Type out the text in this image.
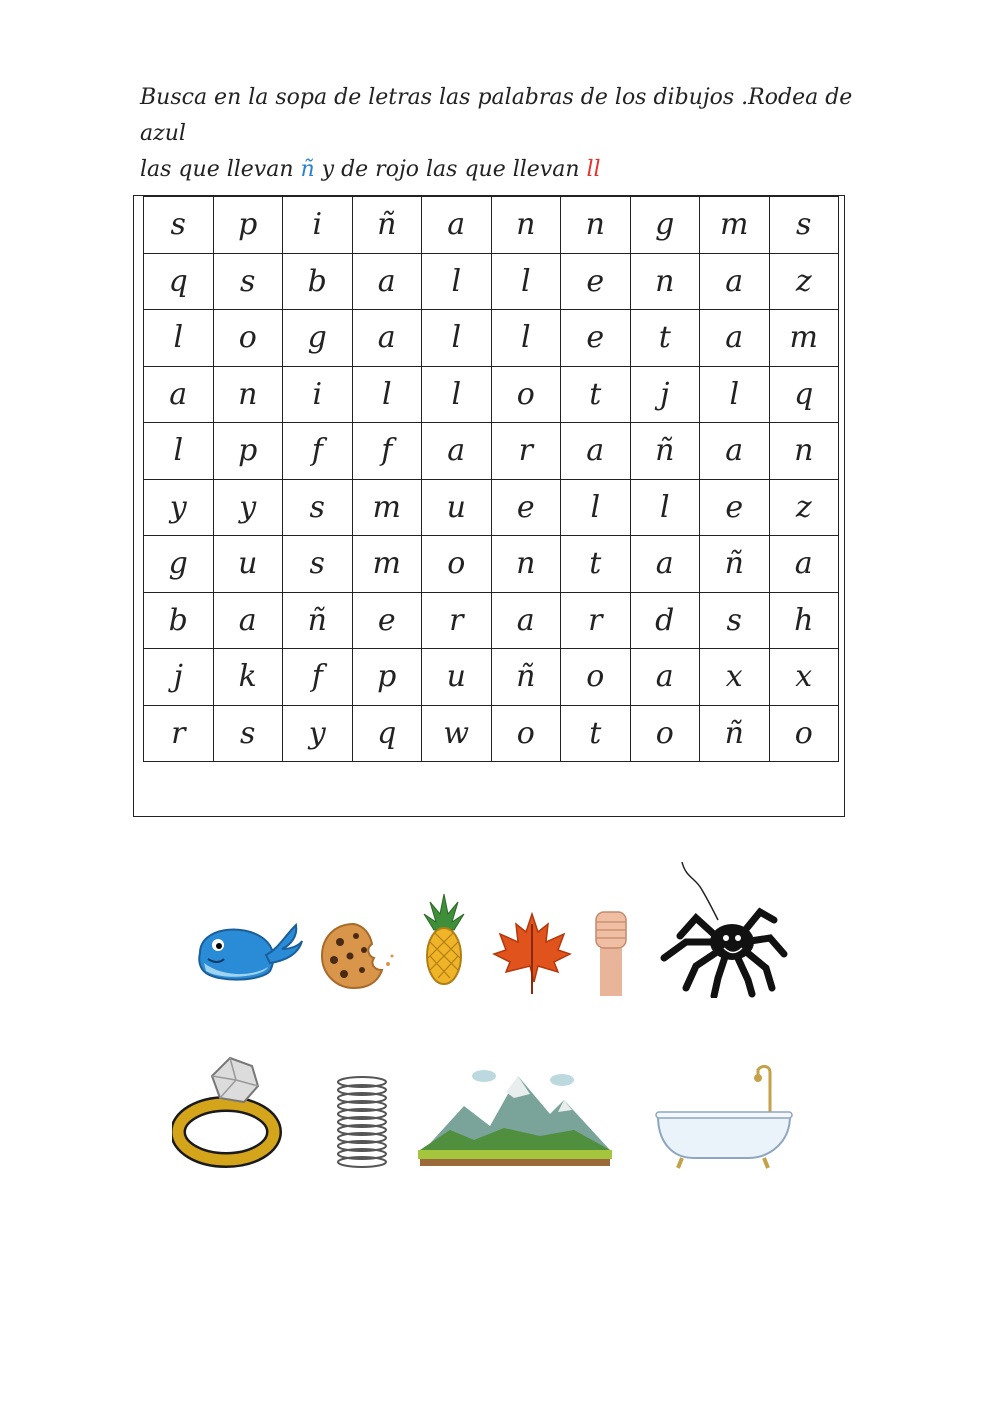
Busca en la sopa de letras las palabras de los dibujos .Rodea de azul
las que llevan ñ y de rojo las que llevan ll
s	p	i	ñ	a	n	n	g	m	s
q	s	b	a	l	l	e	n	a	z
l	o	g	a	l	l	e	t	a	m
a	n	i	l	l	o	t	j	l	q
l	p	f	f	a	r	a	ñ	a	n
y	y	s	m	u	e	l	l	e	z
g	u	s	m	o	n	t	a	ñ	a
b	a	ñ	e	r	a	r	d	s	h
j	k	f	p	u	ñ	o	a	x	x
r	s	y	q	w	o	t	o	ñ	o
